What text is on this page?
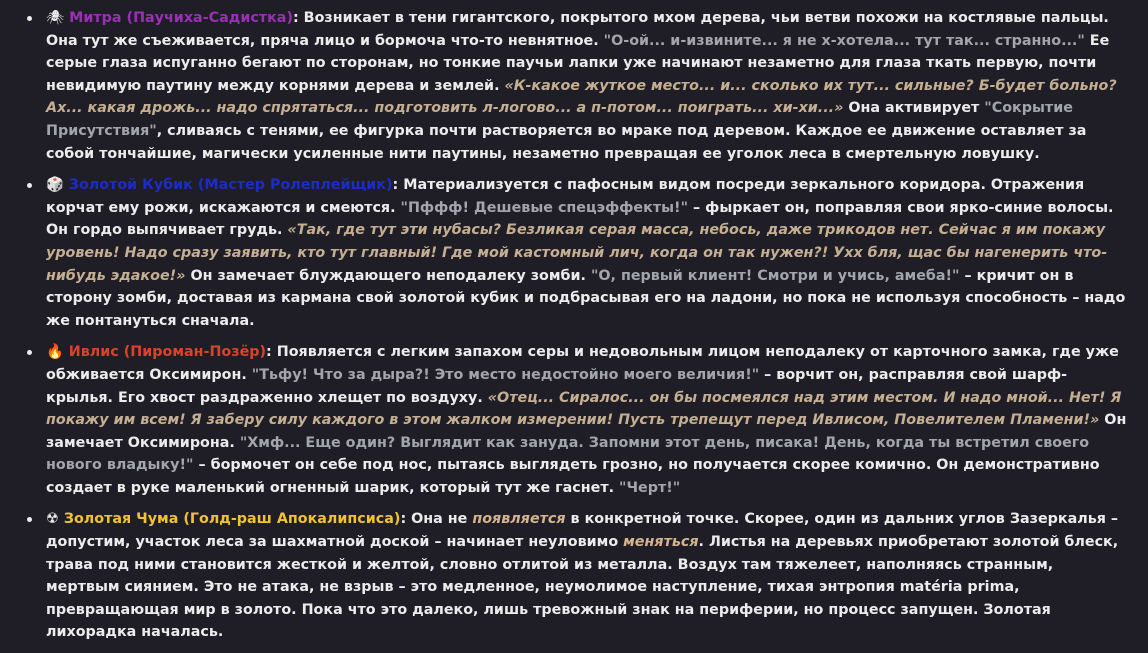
🕷 Митра (Паучиха-Садистка): Возникает в тени гигантского, покрытого мхом дерева, чьи ветви похожи на костлявые пальцы. Она тут же съеживается, пряча лицо и бормоча что-то невнятное. "О-ой... и-извините... я не х-хотела... тут так... странно..." Ее серые глаза испуганно бегают по сторонам, но тонкие паучьи лапки уже начинают незаметно для глаза ткать первую, почти невидимую паутину между корнями дерева и землей. «К-какое жуткое место... и... сколько их тут... сильные? Б-будет больно? Ах... какая дрожь... надо спрятаться... подготовить л-логово... а п-потом... поиграть... хи-хи...» Она активирует "Сокрытие Присутствия", сливаясь с тенями, ее фигурка почти растворяется во мраке под деревом. Каждое ее движение оставляет за собой тончайшие, магически усиленные нити паутины, незаметно превращая ее уголок леса в смертельную ловушку.
🎲 Золотой Кубик (Мастер Ролеплейщик): Материализуется с пафосным видом посреди зеркального коридора. Отражения корчат ему рожи, искажаются и смеются. "Пффф! Дешевые спецэффекты!" – фыркает он, поправляя свои ярко-синие волосы. Он гордо выпячивает грудь. «Так, где тут эти нубасы? Безликая серая масса, небось, даже трикодов нет. Сейчас я им покажу уровень! Надо сразу заявить, кто тут главный! Где мой кастомный лич, когда он так нужен?! Ухх бля, щас бы нагенерить что-нибудь эдакое!» Он замечает блуждающего неподалеку зомби. "О, первый клиент! Смотри и учись, амеба!" – кричит он в сторону зомби, доставая из кармана свой золотой кубик и подбрасывая его на ладони, но пока не используя способность – надо же понтануться сначала.
🔥 Ивлис (Пироман-Позёр): Появляется с легким запахом серы и недовольным лицом неподалеку от карточного замка, где уже обживается Оксимирон. "Тьфу! Что за дыра?! Это место недостойно моего величия!" – ворчит он, расправляя свой шарф-крылья. Его хвост раздраженно хлещет по воздуху. «Отец... Сиралос... он бы посмеялся над этим местом. И надо мной... Нет! Я покажу им всем! Я заберу силу каждого в этом жалком измерении! Пусть трепещут перед Ивлисом, Повелителем Пламени!» Он замечает Оксимирона. "Хмф... Еще один? Выглядит как зануда. Запомни этот день, писака! День, когда ты встретил своего нового владыку!" – бормочет он себе под нос, пытаясь выглядеть грозно, но получается скорее комично. Он демонстративно создает в руке маленький огненный шарик, который тут же гаснет. "Черт!"
☢ Золотая Чума (Голд-раш Апокалипсиса): Она не появляется в конкретной точке. Скорее, один из дальних углов Зазеркалья – допустим, участок леса за шахматной доской – начинает неуловимо меняться. Листья на деревьях приобретают золотой блеск, трава под ними становится жесткой и желтой, словно отлитой из металла. Воздух там тяжелеет, наполняясь странным, мертвым сиянием. Это не атака, не взрыв – это медленное, неумолимое наступление, тихая энтропия matéria prima, превращающая мир в золото. Пока что это далеко, лишь тревожный знак на периферии, но процесс запущен. Золотая лихорадка началась.
